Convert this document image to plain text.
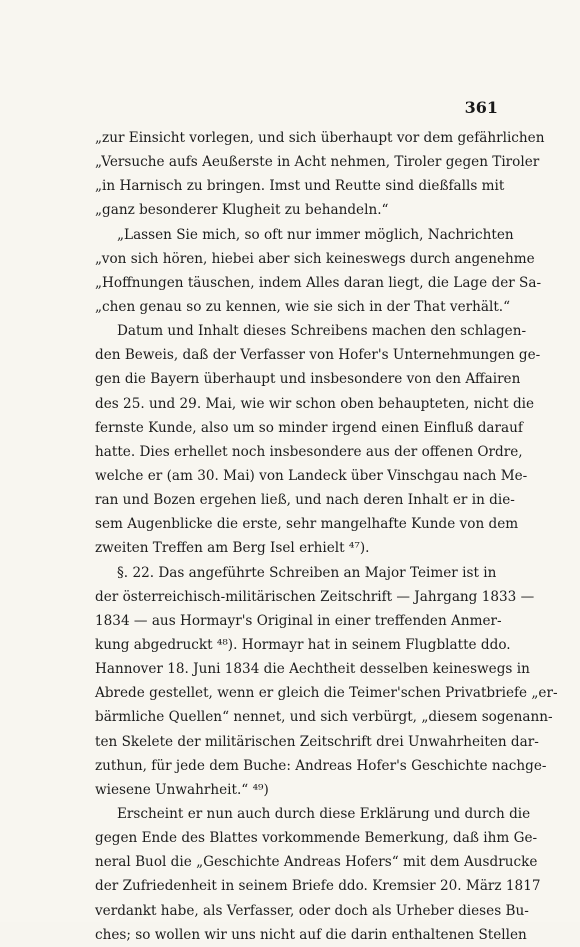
361
„zur Einsicht vorlegen, und sich überhaupt vor dem gefährlichen
„Versuche aufs Aeußerste in Acht nehmen, Tiroler gegen Tiroler
„in Harnisch zu bringen. Imst und Reutte sind dießfalls mit
„ganz besonderer Klugheit zu behandeln.“
„Lassen Sie mich, so oft nur immer möglich, Nachrichten
„von sich hören, hiebei aber sich keineswegs durch angenehme
„Hoffnungen täuschen, indem Alles daran liegt, die Lage der Sa-
„chen genau so zu kennen, wie sie sich in der That verhält.“
Datum und Inhalt dieses Schreibens machen den schlagen-
den Beweis, daß der Verfasser von Hofer's Unternehmungen ge-
gen die Bayern überhaupt und insbesondere von den Affairen
des 25. und 29. Mai, wie wir schon oben behaupteten, nicht die
fernste Kunde, also um so minder irgend einen Einfluß darauf
hatte. Dies erhellet noch insbesondere aus der offenen Ordre,
welche er (am 30. Mai) von Landeck über Vinschgau nach Me-
ran und Bozen ergehen ließ, und nach deren Inhalt er in die-
sem Augenblicke die erste, sehr mangelhafte Kunde von dem
zweiten Treffen am Berg Isel erhielt ⁴⁷).
§. 22. Das angeführte Schreiben an Major Teimer ist in
der österreichisch-militärischen Zeitschrift — Jahrgang 1833 —
1834 — aus Hormayr's Original in einer treffenden Anmer-
kung abgedruckt ⁴⁸). Hormayr hat in seinem Flugblatte ddo.
Hannover 18. Juni 1834 die Aechtheit desselben keineswegs in
Abrede gestellet, wenn er gleich die Teimer'schen Privatbriefe „er-
bärmliche Quellen“ nennet, und sich verbürgt, „diesem sogenann-
ten Skelete der militärischen Zeitschrift drei Unwahrheiten dar-
zuthun, für jede dem Buche: Andreas Hofer's Geschichte nachge-
wiesene Unwahrheit.“ ⁴⁹)
Erscheint er nun auch durch diese Erklärung und durch die
gegen Ende des Blattes vorkommende Bemerkung, daß ihm Ge-
neral Buol die „Geschichte Andreas Hofers“ mit dem Ausdrucke
der Zufriedenheit in seinem Briefe ddo. Kremsier 20. März 1817
verdankt habe, als Verfasser, oder doch als Urheber dieses Bu-
ches; so wollen wir uns nicht auf die darin enthaltenen Stellen
